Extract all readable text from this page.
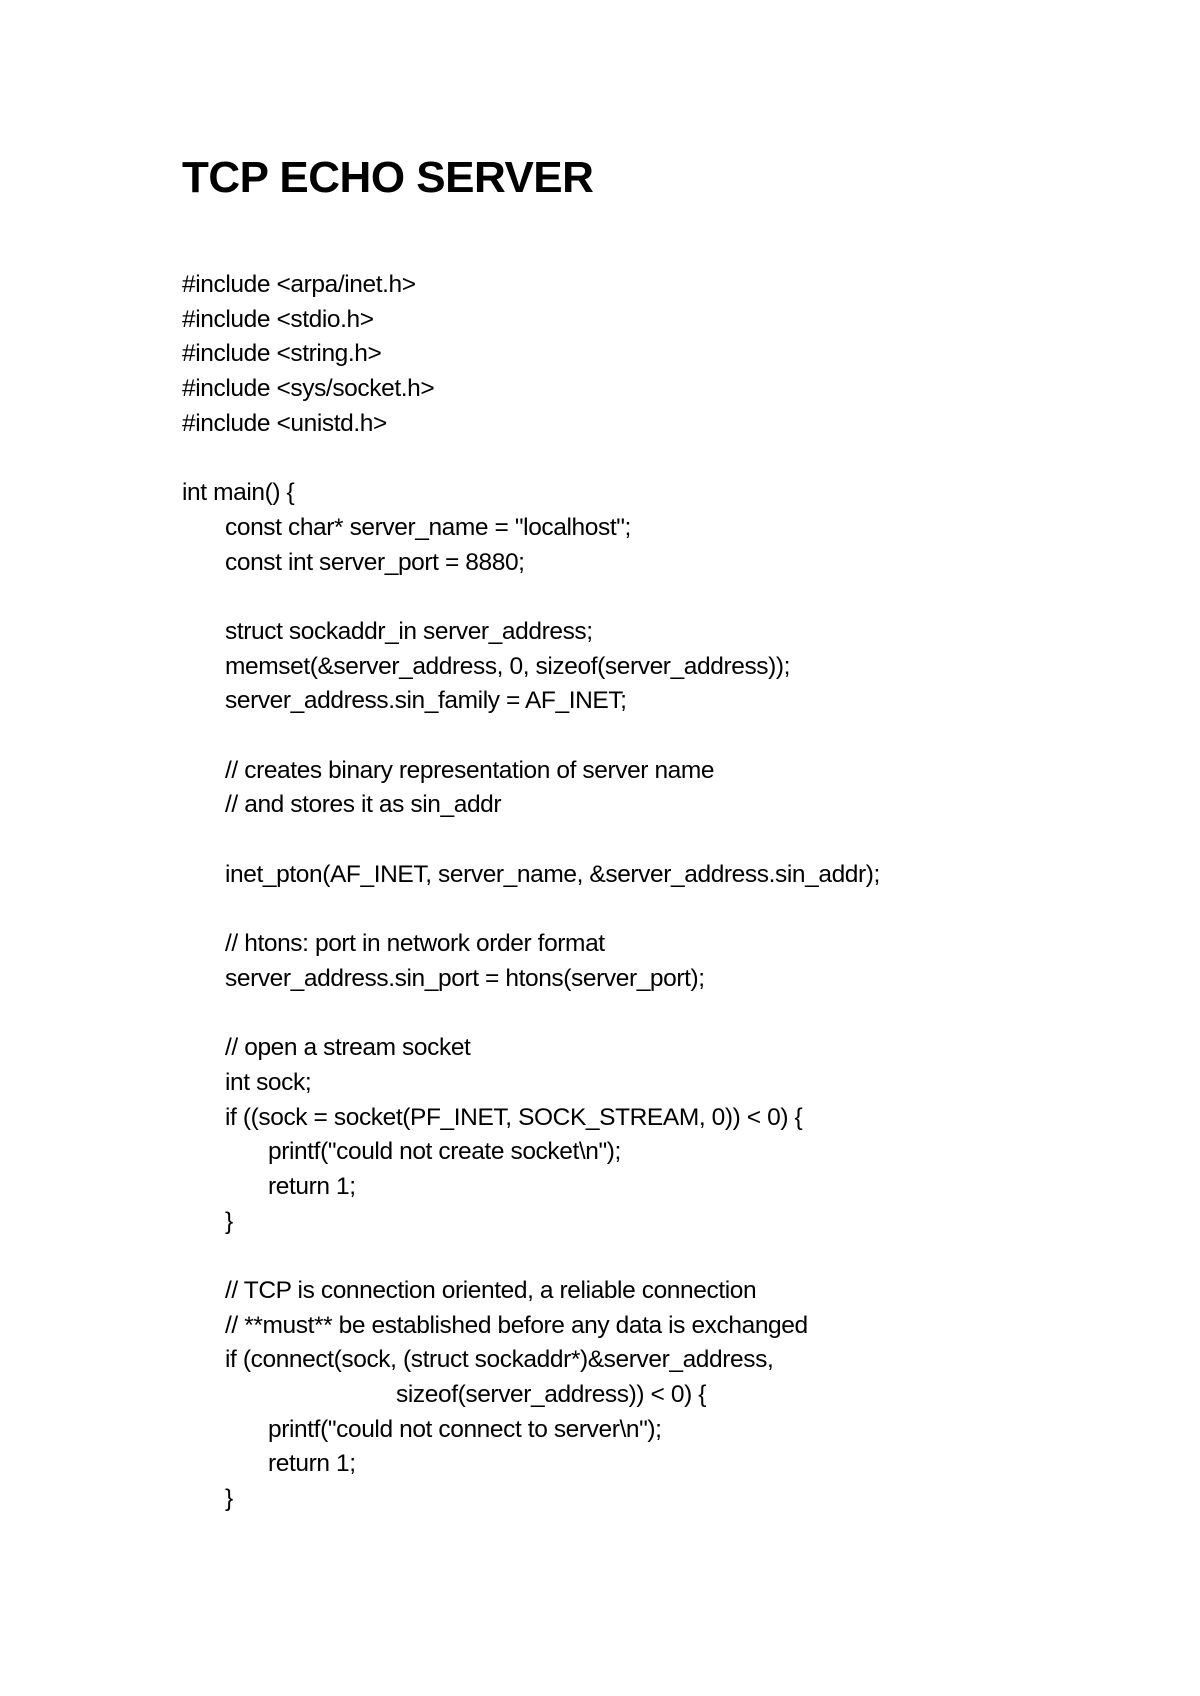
TCP ECHO SERVER
#include <arpa/inet.h>
#include <stdio.h>
#include <string.h>
#include <sys/socket.h>
#include <unistd.h>
int main() {
const char* server_name = "localhost";
const int server_port = 8880;
struct sockaddr_in server_address;
memset(&server_address, 0, sizeof(server_address));
server_address.sin_family = AF_INET;
// creates binary representation of server name
// and stores it as sin_addr
inet_pton(AF_INET, server_name, &server_address.sin_addr);
// htons: port in network order format
server_address.sin_port = htons(server_port);
// open a stream socket
int sock;
if ((sock = socket(PF_INET, SOCK_STREAM, 0)) < 0) {
printf("could not create socket\n");
return 1;
}
// TCP is connection oriented, a reliable connection
// **must** be established before any data is exchanged
if (connect(sock, (struct sockaddr*)&server_address,
sizeof(server_address)) < 0) {
printf("could not connect to server\n");
return 1;
}
